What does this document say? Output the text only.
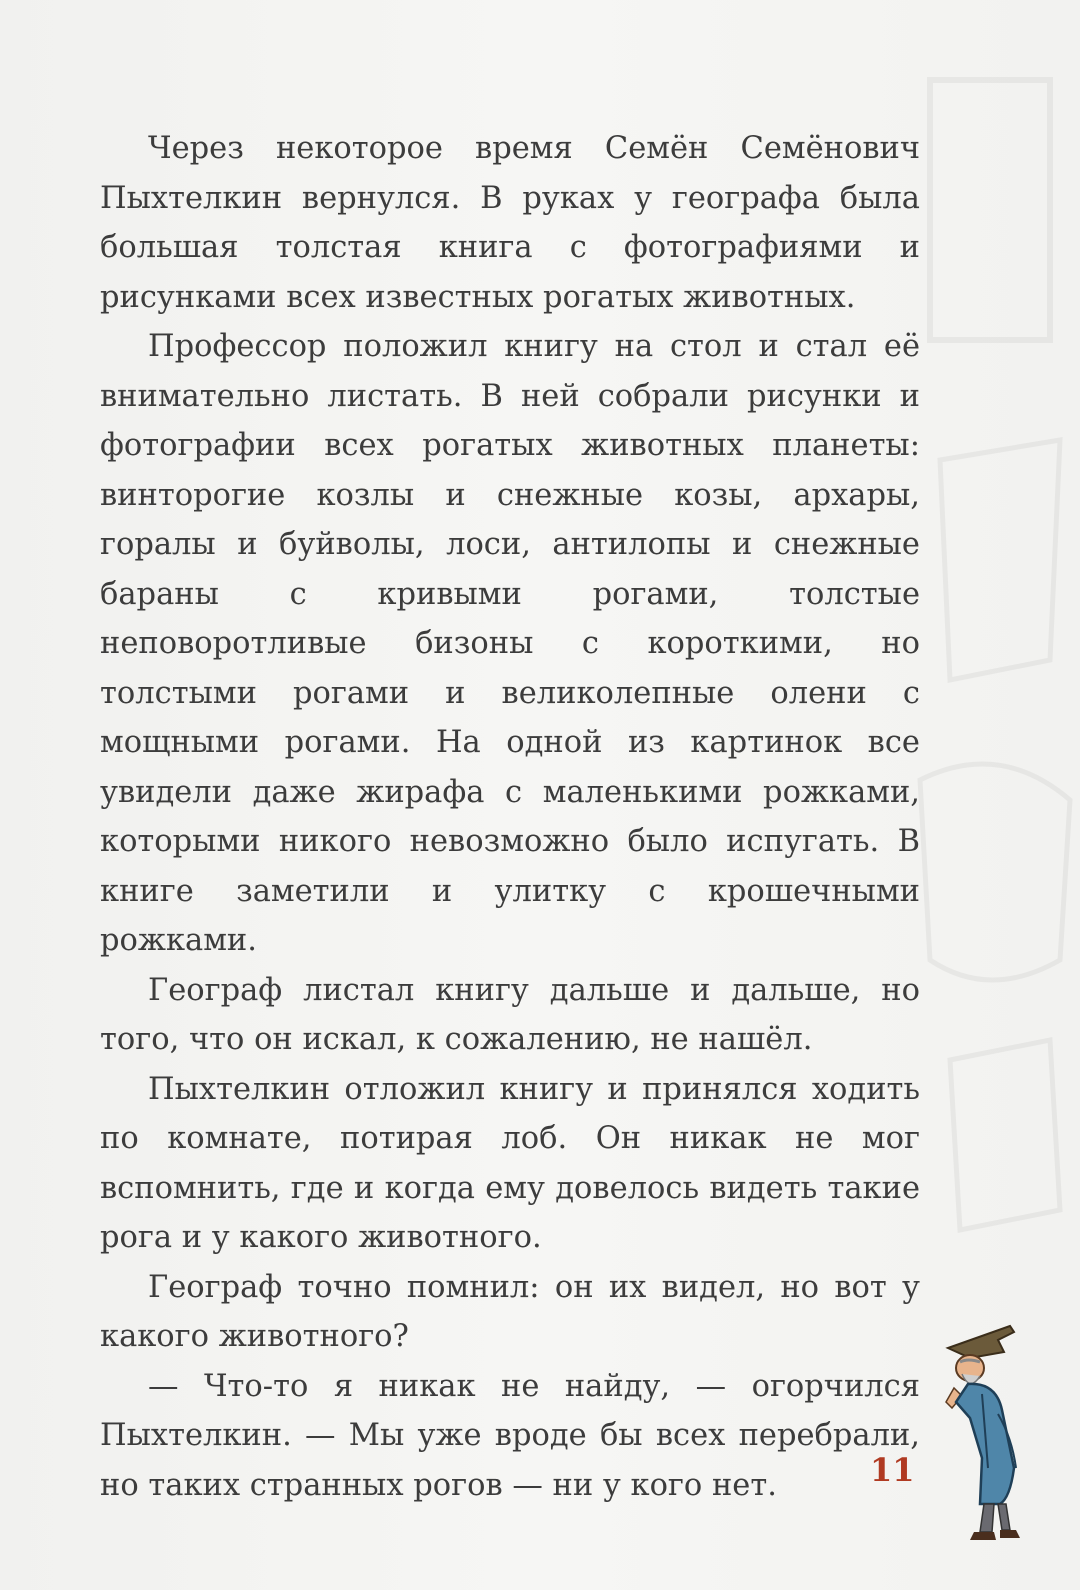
Через некоторое время Семён Семёнович Пыхтелкин вернулся. В руках у географа была большая толстая книга с фотографиями и рисунками всех известных рогатых животных.

Профессор положил книгу на стол и стал её внимательно листать. В ней собрали рисунки и фотографии всех рогатых животных планеты: винторогие козлы и снежные козы, архары, горалы и буйволы, лоси, антилопы и снежные бараны с кривыми рогами, толстые неповоротливые бизоны с короткими, но толстыми рогами и великолепные олени с мощными рогами. На одной из картинок все увидели даже жирафа с маленькими рожками, которыми никого невозможно было испугать. В книге заметили и улитку с крошечными рожками.

Географ листал книгу дальше и дальше, но того, что он искал, к сожалению, не нашёл.

Пыхтелкин отложил книгу и принялся ходить по комнате, потирая лоб. Он никак не мог вспомнить, где и когда ему довелось видеть такие рога и у какого животного.

Географ точно помнил: он их видел, но вот у какого животного?

— Что-то я никак не найду, — огорчился Пыхтелкин. — Мы уже вроде бы всех перебрали, но таких странных рогов — ни у кого нет.	11
